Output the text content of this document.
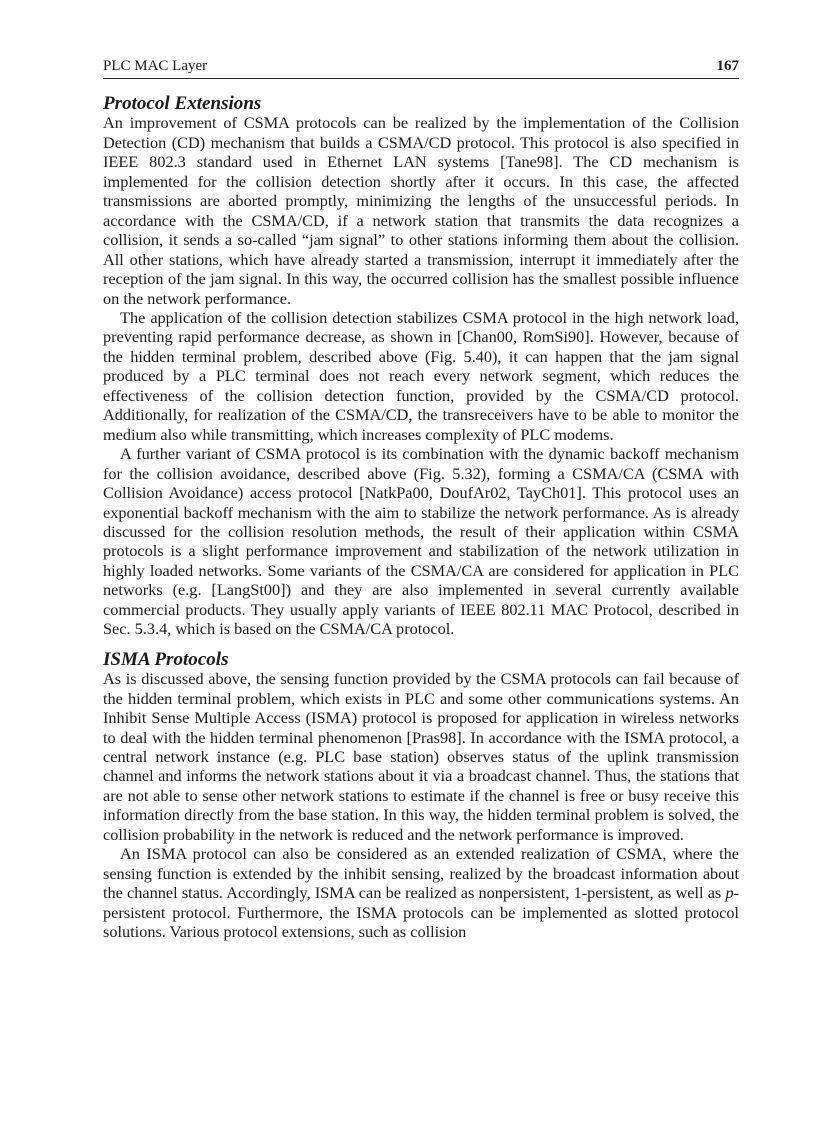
PLC MAC Layer	167
Protocol Extensions

An improvement of CSMA protocols can be realized by the implementation of the Collision Detection (CD) mechanism that builds a CSMA/CD protocol. This protocol is also specified in IEEE 802.3 standard used in Ethernet LAN systems [Tane98]. The CD mechanism is implemented for the collision detection shortly after it occurs. In this case, the affected transmissions are aborted promptly, minimizing the lengths of the unsuccessful periods. In accordance with the CSMA/CD, if a network station that transmits the data recognizes a collision, it sends a so-called “jam signal” to other stations informing them about the collision. All other stations, which have already started a transmission, interrupt it immediately after the reception of the jam signal. In this way, the occurred collision has the smallest possible influence on the network performance.

The application of the collision detection stabilizes CSMA protocol in the high network load, preventing rapid performance decrease, as shown in [Chan00, RomSi90]. However, because of the hidden terminal problem, described above (Fig. 5.40), it can happen that the jam signal produced by a PLC terminal does not reach every network segment, which reduces the effectiveness of the collision detection function, provided by the CSMA/CD protocol. Additionally, for realization of the CSMA/CD, the transreceivers have to be able to monitor the medium also while transmitting, which increases complexity of PLC modems.

A further variant of CSMA protocol is its combination with the dynamic backoff mechanism for the collision avoidance, described above (Fig. 5.32), forming a CSMA/CA (CSMA with Collision Avoidance) access protocol [NatkPa00, DoufAr02, TayCh01]. This protocol uses an exponential backoff mechanism with the aim to stabilize the network performance. As is already discussed for the collision resolution methods, the result of their application within CSMA protocols is a slight performance improvement and stabilization of the network utilization in highly loaded networks. Some variants of the CSMA/CA are considered for application in PLC networks (e.g. [LangSt00]) and they are also implemented in several currently available commercial products. They usually apply variants of IEEE 802.11 MAC Protocol, described in Sec. 5.3.4, which is based on the CSMA/CA protocol.

ISMA Protocols

As is discussed above, the sensing function provided by the CSMA protocols can fail because of the hidden terminal problem, which exists in PLC and some other communications systems. An Inhibit Sense Multiple Access (ISMA) protocol is proposed for application in wireless networks to deal with the hidden terminal phenomenon [Pras98]. In accordance with the ISMA protocol, a central network instance (e.g. PLC base station) observes status of the uplink transmission channel and informs the network stations about it via a broadcast channel. Thus, the stations that are not able to sense other network stations to estimate if the channel is free or busy receive this information directly from the base station. In this way, the hidden terminal problem is solved, the collision probability in the network is reduced and the network performance is improved.

An ISMA protocol can also be considered as an extended realization of CSMA, where the sensing function is extended by the inhibit sensing, realized by the broadcast information about the channel status. Accordingly, ISMA can be realized as nonpersistent, 1-persistent, as well as p-persistent protocol. Furthermore, the ISMA protocols can be implemented as slotted protocol solutions. Various protocol extensions, such as collision
